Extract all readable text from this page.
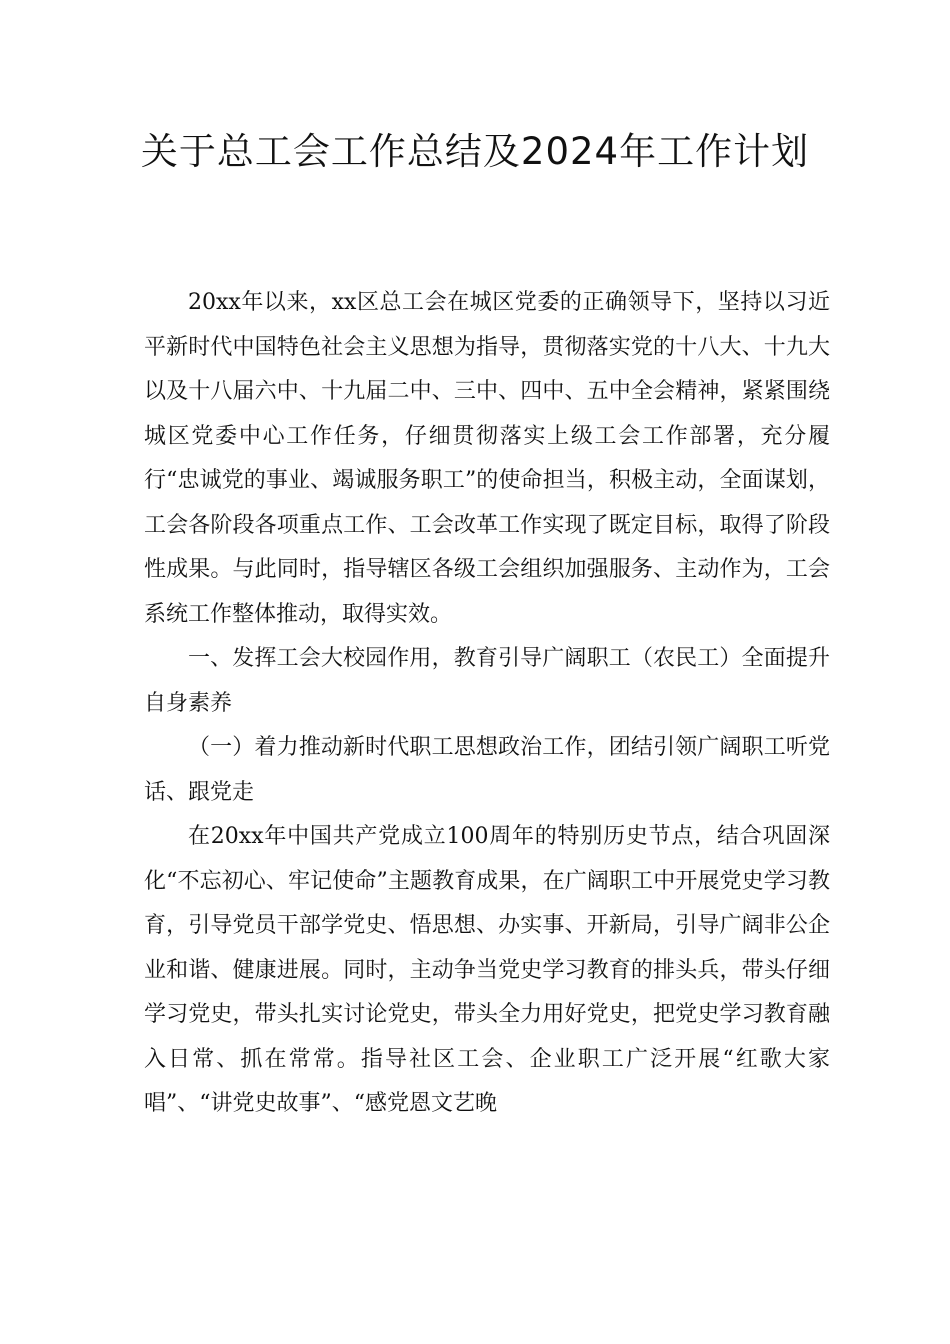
关于总工会工作总结及2024年工作计划

20xx年以来，xx区总工会在城区党委的正确领导下，坚持以习近平新时代中国特色社会主义思想为指导，贯彻落实党的十八大、十九大以及十八届六中、十九届二中、三中、四中、五中全会精神，紧紧围绕城区党委中心工作任务，仔细贯彻落实上级工会工作部署，充分履行“忠诚党的事业、竭诚服务职工”的使命担当，积极主动，全面谋划，工会各阶段各项重点工作、工会改革工作实现了既定目标，取得了阶段性成果。与此同时，指导辖区各级工会组织加强服务、主动作为，工会系统工作整体推动，取得实效。

一、发挥工会大校园作用，教育引导广阔职工（农民工）全面提升自身素养

（一）着力推动新时代职工思想政治工作，团结引领广阔职工听党话、跟党走

在20xx年中国共产党成立100周年的特别历史节点，结合巩固深化“不忘初心、牢记使命”主题教育成果，在广阔职工中开展党史学习教育，引导党员干部学党史、悟思想、办实事、开新局，引导广阔非公企业和谐、健康进展。同时，主动争当党史学习教育的排头兵，带头仔细学习党史，带头扎实讨论党史，带头全力用好党史，把党史学习教育融入日常、抓在常常。指导社区工会、企业职工广泛开展“红歌大家唱”、“讲党史故事”、“感党恩文艺晚
